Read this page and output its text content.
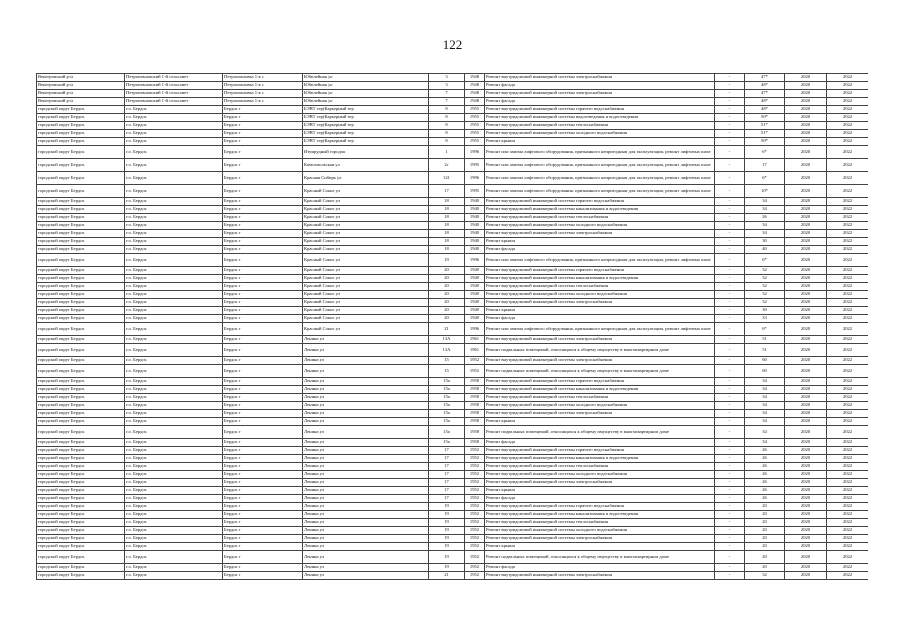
122
Венгеровский р-н	Петропавловский 1-й сельсовет	Петропавловка 1-я с	Юбилейная ул	3	1948	Ремонт внутридомовой инженерной системы электроснабжения	-	47*	2020	2022
Венгеровский р-н	Петропавловский 1-й сельсовет	Петропавловка 1-я с	Юбилейная ул	3	1948	Ремонт фасада	-	48*	2020	2022
Венгеровский р-н	Петропавловский 1-й сельсовет	Петропавловка 1-я с	Юбилейная ул	7	1948	Ремонт внутридомовой инженерной системы электроснабжения	-	47*	2020	2022
Венгеровский р-н	Петропавловский 1-й сельсовет	Петропавловка 1-я с	Юбилейная ул	7	1948	Ремонт фасада	-	48*	2020	2022
городской округ Бердск	г.о. Бердск	Бердск г	БЭВТ тер(Карьерный тер	8	1955	Ремонт внутридомовой инженерной системы горячего водоснабжения	-	48*	2020	2022
городской округ Бердск	г.о. Бердск	Бердск г	БЭВТ тер(Карьерный тер	8	1955	Ремонт внутридомовой инженерной системы водоотведения и водоотведения	-	50*	2020	2022
городской округ Бердск	г.о. Бердск	Бердск г	БЭВТ тер(Карьерный тер	8	1955	Ремонт внутридомовой инженерной системы теплоснабжения	-	51*	2020	2022
городской округ Бердск	г.о. Бердск	Бердск г	БЭВТ тер(Карьерный тер	8	1955	Ремонт внутридомовой инженерной системы холодного водоснабжения	-	51*	2020	2022
городской округ Бердск	г.о. Бердск	Бердск г	БЭВТ тер(Карьерный тер	8	1955	Ремонт крыши	-	50*	2020	2022
городской округ Бердск	г.о. Бердск	Бердск г	Изумрудный городок	1	1996	Ремонт или замена лифтового оборудования, признанного непригодным для эксплуатации, ремонт лифтовых шахт	-	6*	2020	2022
городской округ Бердск	г.о. Бердск	Бердск г	Комсомольская ул	2г	1995	Ремонт или замена лифтового оборудования, признанного непригодным для эксплуатации, ремонт лифтовых шахт	-	17	2020	2022
городской округ Бердск	г.о. Бердск	Бердск г	Красная Сибирь ул	121	1996	Ремонт или замена лифтового оборудования, признанного непригодным для эксплуатации, ремонт лифтовых шахт	-	6*	2020	2022
городской округ Бердск	г.о. Бердск	Бердск г	Красный Сокол ул	17	1995	Ремонт или замена лифтового оборудования, признанного непригодным для эксплуатации, ремонт лифтовых шахт	-	10*	2020	2022
городской округ Бердск	г.о. Бердск	Бердск г	Красный Сокол ул	18	1940	Ремонт внутридомовой инженерной системы горячего водоснабжения	-	34	2020	2022
городской округ Бердск	г.о. Бердск	Бердск г	Красный Сокол ул	18	1940	Ремонт внутридомовой инженерной системы канализования и водоотведения	-	34	2020	2022
городской округ Бердск	г.о. Бердск	Бердск г	Красный Сокол ул	18	1940	Ремонт внутридомовой инженерной системы теплоснабжения	-	26	2020	2022
городской округ Бердск	г.о. Бердск	Бердск г	Красный Сокол ул	18	1940	Ремонт внутридомовой инженерной системы холодного водоснабжения	-	34	2020	2022
городской округ Бердск	г.о. Бердск	Бердск г	Красный Сокол ул	18	1940	Ремонт внутридомовой инженерной системы электроснабжения	-	34	2020	2022
городской округ Бердск	г.о. Бердск	Бердск г	Красный Сокол ул	18	1940	Ремонт крыши	-	30	2020	2022
городской округ Бердск	г.о. Бердск	Бердск г	Красный Сокол ул	18	1940	Ремонт фасада	-	40	2020	2022
городской округ Бердск	г.о. Бердск	Бердск г	Красный Сокол ул	19	1996	Ремонт или замена лифтового оборудования, признанного непригодным для эксплуатации, ремонт лифтовых шахт	-	6*	2020	2022
городской округ Бердск	г.о. Бердск	Бердск г	Красный Сокол ул	20	1940	Ремонт внутридомовой инженерной системы горячего водоснабжения	-	32	2020	2022
городской округ Бердск	г.о. Бердск	Бердск г	Красный Сокол ул	20	1940	Ремонт внутридомовой инженерной системы канализования и водоотведения	-	32	2020	2022
городской округ Бердск	г.о. Бердск	Бердск г	Красный Сокол ул	20	1940	Ремонт внутридомовой инженерной системы теплоснабжения	-	32	2020	2022
городской округ Бердск	г.о. Бердск	Бердск г	Красный Сокол ул	20	1940	Ремонт внутридомовой инженерной системы холодного водоснабжения	-	32	2020	2022
городской округ Бердск	г.о. Бердск	Бердск г	Красный Сокол ул	20	1940	Ремонт внутридомовой инженерной системы электроснабжения	-	32	2020	2022
городской округ Бердск	г.о. Бердск	Бердск г	Красный Сокол ул	20	1940	Ремонт крыши	-	30	2020	2022
городской округ Бердск	г.о. Бердск	Бердск г	Красный Сокол ул	20	1940	Ремонт фасада	-	33	2020	2022
городской округ Бердск	г.о. Бердск	Бердск г	Красный Сокол ул	21	1996	Ремонт или замена лифтового оборудования, признанного непригодным для эксплуатации, ремонт лифтовых шахт	-	6*	2020	2022
городской округ Бердск	г.о. Бердск	Бердск г	Ленина ул	13А	1961	Ремонт внутридомовой инженерной системы электроснабжения	-	51	2020	2022
городской округ Бердск	г.о. Бердск	Бердск г	Ленина ул	13А	1961	Ремонт подвальных помещений, относящихся к общему имуществу в многоквартирном доме	-	51	2020	2022
городской округ Бердск	г.о. Бердск	Бердск г	Ленина ул	15	1952	Ремонт внутридомовой инженерной системы электроснабжения	-	60	2020	2022
городской округ Бердск	г.о. Бердск	Бердск г	Ленина ул	15	1952	Ремонт подвальных помещений, относящихся к общему имуществу в многоквартирном доме	-	60	2020	2022
городской округ Бердск	г.о. Бердск	Бердск г	Ленина ул	15а	1958	Ремонт внутридомовой инженерной системы горячего водоснабжения	-	34	2020	2022
городской округ Бердск	г.о. Бердск	Бердск г	Ленина ул	15а	1958	Ремонт внутридомовой инженерной системы канализования и водоотведения	-	34	2020	2022
городской округ Бердск	г.о. Бердск	Бердск г	Ленина ул	15а	1958	Ремонт внутридомовой инженерной системы теплоснабжения	-	34	2020	2022
городской округ Бердск	г.о. Бердск	Бердск г	Ленина ул	15а	1958	Ремонт внутридомовой инженерной системы холодного водоснабжения	-	34	2020	2022
городской округ Бердск	г.о. Бердск	Бердск г	Ленина ул	15а	1958	Ремонт внутридомовой инженерной системы электроснабжения	-	34	2020	2022
городской округ Бердск	г.о. Бердск	Бердск г	Ленина ул	15а	1958	Ремонт крыши	-	34	2020	2022
городской округ Бердск	г.о. Бердск	Бердск г	Ленина ул	15а	1958	Ремонт подвальных помещений, относящихся к общему имуществу в многоквартирном доме	-	34	2020	2022
городской округ Бердск	г.о. Бердск	Бердск г	Ленина ул	15а	1958	Ремонт фасада	-	34	2020	2022
городской округ Бердск	г.о. Бердск	Бердск г	Ленина ул	17	1952	Ремонт внутридомовой инженерной системы горячего водоснабжения	-	26	2020	2022
городской округ Бердск	г.о. Бердск	Бердск г	Ленина ул	17	1952	Ремонт внутридомовой инженерной системы канализования и водоотведения	-	26	2020	2022
городской округ Бердск	г.о. Бердск	Бердск г	Ленина ул	17	1952	Ремонт внутридомовой инженерной системы теплоснабжения	-	26	2020	2022
городской округ Бердск	г.о. Бердск	Бердск г	Ленина ул	17	1952	Ремонт внутридомовой инженерной системы холодного водоснабжения	-	26	2020	2022
городской округ Бердск	г.о. Бердск	Бердск г	Ленина ул	17	1952	Ремонт внутридомовой инженерной системы электроснабжения	-	26	2020	2022
городской округ Бердск	г.о. Бердск	Бердск г	Ленина ул	17	1952	Ремонт крыши	-	26	2020	2022
городской округ Бердск	г.о. Бердск	Бердск г	Ленина ул	17	1952	Ремонт фасада	-	26	2020	2022
городской округ Бердск	г.о. Бердск	Бердск г	Ленина ул	19	1952	Ремонт внутридомовой инженерной системы горячего водоснабжения	-	20	2020	2022
городской округ Бердск	г.о. Бердск	Бердск г	Ленина ул	19	1952	Ремонт внутридомовой инженерной системы канализования и водоотведения	-	20	2020	2022
городской округ Бердск	г.о. Бердск	Бердск г	Ленина ул	19	1952	Ремонт внутридомовой инженерной системы теплоснабжения	-	20	2020	2022
городской округ Бердск	г.о. Бердск	Бердск г	Ленина ул	19	1952	Ремонт внутридомовой инженерной системы холодного водоснабжения	-	20	2020	2022
городской округ Бердск	г.о. Бердск	Бердск г	Ленина ул	19	1952	Ремонт внутридомовой инженерной системы электроснабжения	-	20	2020	2022
городской округ Бердск	г.о. Бердск	Бердск г	Ленина ул	19	1952	Ремонт крыши	-	20	2020	2022
городской округ Бердск	г.о. Бердск	Бердск г	Ленина ул	19	1952	Ремонт подвальных помещений, относящихся к общему имуществу в многоквартирном доме	-	20	2020	2022
городской округ Бердск	г.о. Бердск	Бердск г	Ленина ул	19	1952	Ремонт фасада	-	20	2020	2022
городской округ Бердск	г.о. Бердск	Бердск г	Ленина ул	21	1952	Ремонт внутридомовой инженерной системы электроснабжения	-	32	2020	2022
